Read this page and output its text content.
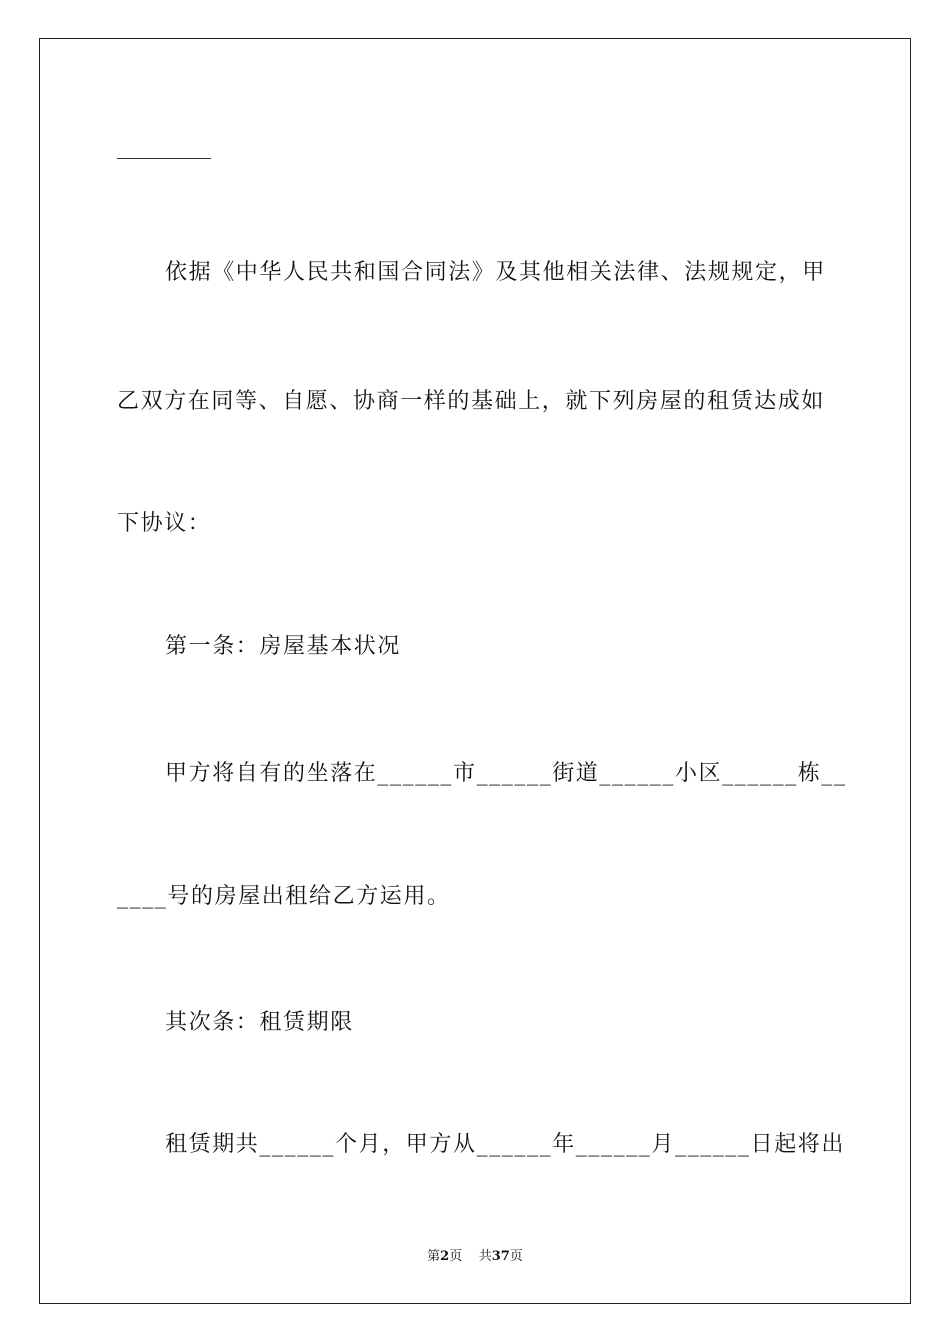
依据《中华人民共和国合同法》及其他相关法律、法规规定，甲
乙双方在同等、自愿、协商一样的基础上，就下列房屋的租赁达成如
下协议：
第一条：房屋基本状况
甲方将自有的坐落在______市______街道______小区______栋__
____号的房屋出租给乙方运用。
其次条：租赁期限
租赁期共______个月，甲方从______年______月______日起将出
第2页 共37页
